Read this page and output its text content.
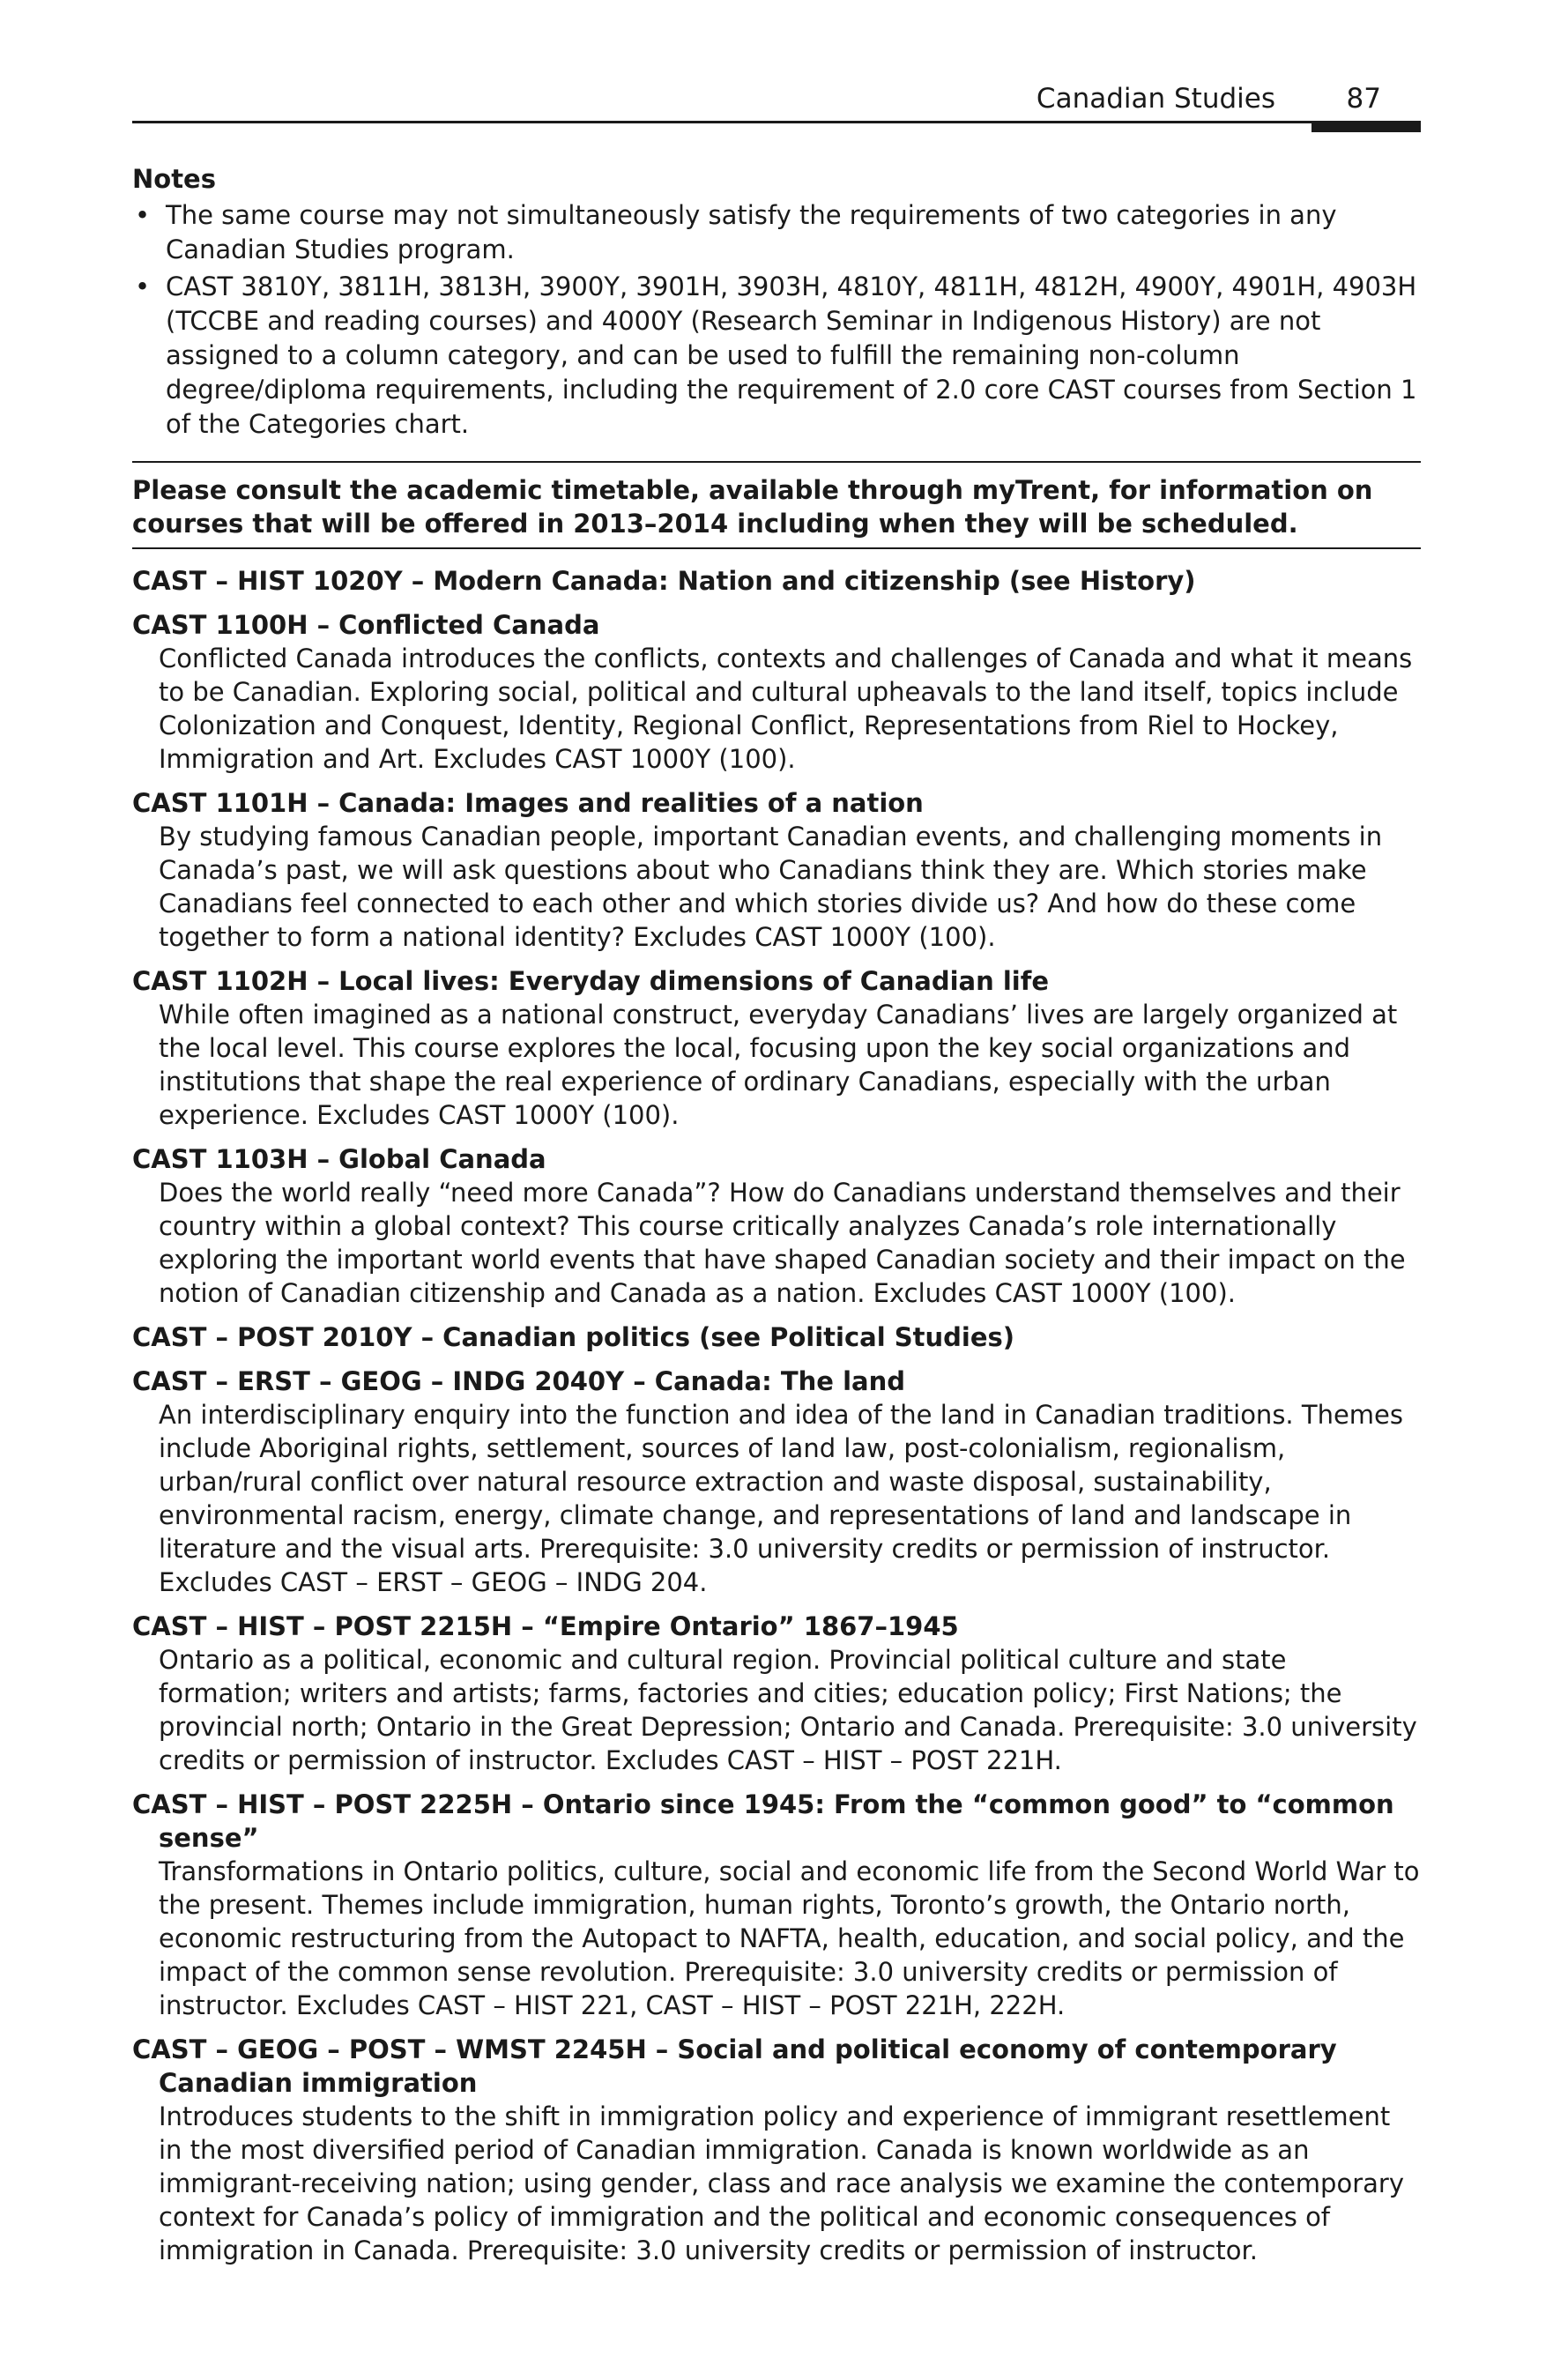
Canadian Studies	87
Notes
• The same course may not simultaneously satisfy the requirements of two categories in any Canadian Studies program.
• CAST 3810Y, 3811H, 3813H, 3900Y, 3901H, 3903H, 4810Y, 4811H, 4812H, 4900Y, 4901H, 4903H (TCCBE and reading courses) and 4000Y (Research Seminar in Indigenous History) are not assigned to a column category, and can be used to fulfill the remaining non-column degree/diploma requirements, including the requirement of 2.0 core CAST courses from Section 1 of the Categories chart.

Please consult the academic timetable, available through myTrent, for information on courses that will be offered in 2013–2014 including when they will be scheduled.

CAST – HIST 1020Y – Modern Canada: Nation and citizenship (see History)
CAST 1100H – Conflicted Canada
Conflicted Canada introduces the conflicts, contexts and challenges of Canada and what it means to be Canadian. Exploring social, political and cultural upheavals to the land itself, topics include Colonization and Conquest, Identity, Regional Conflict, Representations from Riel to Hockey, Immigration and Art. Excludes CAST 1000Y (100).
CAST 1101H – Canada: Images and realities of a nation
By studying famous Canadian people, important Canadian events, and challenging moments in Canada’s past, we will ask questions about who Canadians think they are. Which stories make Canadians feel connected to each other and which stories divide us? And how do these come together to form a national identity? Excludes CAST 1000Y (100).
CAST 1102H – Local lives: Everyday dimensions of Canadian life
While often imagined as a national construct, everyday Canadians’ lives are largely organized at the local level. This course explores the local, focusing upon the key social organizations and institutions that shape the real experience of ordinary Canadians, especially with the urban experience. Excludes CAST 1000Y (100).
CAST 1103H – Global Canada
Does the world really “need more Canada”? How do Canadians understand themselves and their country within a global context? This course critically analyzes Canada’s role internationally exploring the important world events that have shaped Canadian society and their impact on the notion of Canadian citizenship and Canada as a nation. Excludes CAST 1000Y (100).
CAST – POST 2010Y – Canadian politics (see Political Studies)
CAST – ERST – GEOG – INDG 2040Y – Canada: The land
An interdisciplinary enquiry into the function and idea of the land in Canadian traditions. Themes include Aboriginal rights, settlement, sources of land law, post-colonialism, regionalism, urban/rural conflict over natural resource extraction and waste disposal, sustainability, environmental racism, energy, climate change, and representations of land and landscape in literature and the visual arts. Prerequisite: 3.0 university credits or permission of instructor. Excludes CAST – ERST – GEOG – INDG 204.
CAST – HIST – POST 2215H – “Empire Ontario” 1867–1945
Ontario as a political, economic and cultural region. Provincial political culture and state formation; writers and artists; farms, factories and cities; education policy; First Nations; the provincial north; Ontario in the Great Depression; Ontario and Canada. Prerequisite: 3.0 university credits or permission of instructor. Excludes CAST – HIST – POST 221H.
CAST – HIST – POST 2225H – Ontario since 1945: From the “common good” to “common sense”
Transformations in Ontario politics, culture, social and economic life from the Second World War to the present. Themes include immigration, human rights, Toronto’s growth, the Ontario north, economic restructuring from the Autopact to NAFTA, health, education, and social policy, and the impact of the common sense revolution. Prerequisite: 3.0 university credits or permission of instructor. Excludes CAST – HIST 221, CAST – HIST – POST 221H, 222H.
CAST – GEOG – POST – WMST 2245H – Social and political economy of contemporary Canadian immigration
Introduces students to the shift in immigration policy and experience of immigrant resettlement in the most diversified period of Canadian immigration. Canada is known worldwide as an immigrant-receiving nation; using gender, class and race analysis we examine the contemporary context for Canada’s policy of immigration and the political and economic consequences of immigration in Canada. Prerequisite: 3.0 university credits or permission of instructor.
